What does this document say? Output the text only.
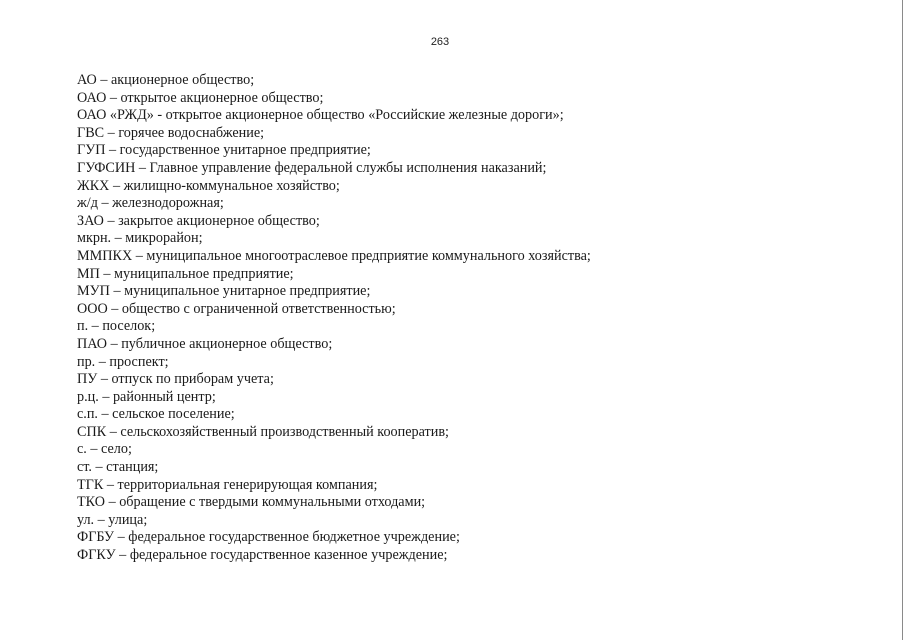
263
АО – акционерное общество;
ОАО – открытое акционерное общество;
ОАО «РЖД» - открытое акционерное общество «Российские железные дороги»;
ГВС – горячее водоснабжение;
ГУП – государственное унитарное предприятие;
ГУФСИН – Главное управление федеральной службы исполнения наказаний;
ЖКХ – жилищно-коммунальное хозяйство;
ж/д – железнодорожная;
ЗАО – закрытое акционерное общество;
мкрн. – микрорайон;
ММПКХ – муниципальное многоотраслевое предприятие коммунального хозяйства;
МП – муниципальное предприятие;
МУП – муниципальное унитарное предприятие;
ООО – общество с ограниченной ответственностью;
п. – поселок;
ПАО – публичное акционерное общество;
пр. – проспект;
ПУ – отпуск по приборам учета;
р.ц. – районный центр;
с.п. – сельское поселение;
СПК – сельскохозяйственный производственный кооператив;
с. – село;
ст. – станция;
ТГК – территориальная генерирующая компания;
ТКО – обращение с твердыми коммунальными отходами;
ул. – улица;
ФГБУ – федеральное государственное бюджетное учреждение;
ФГКУ – федеральное государственное казенное учреждение;
